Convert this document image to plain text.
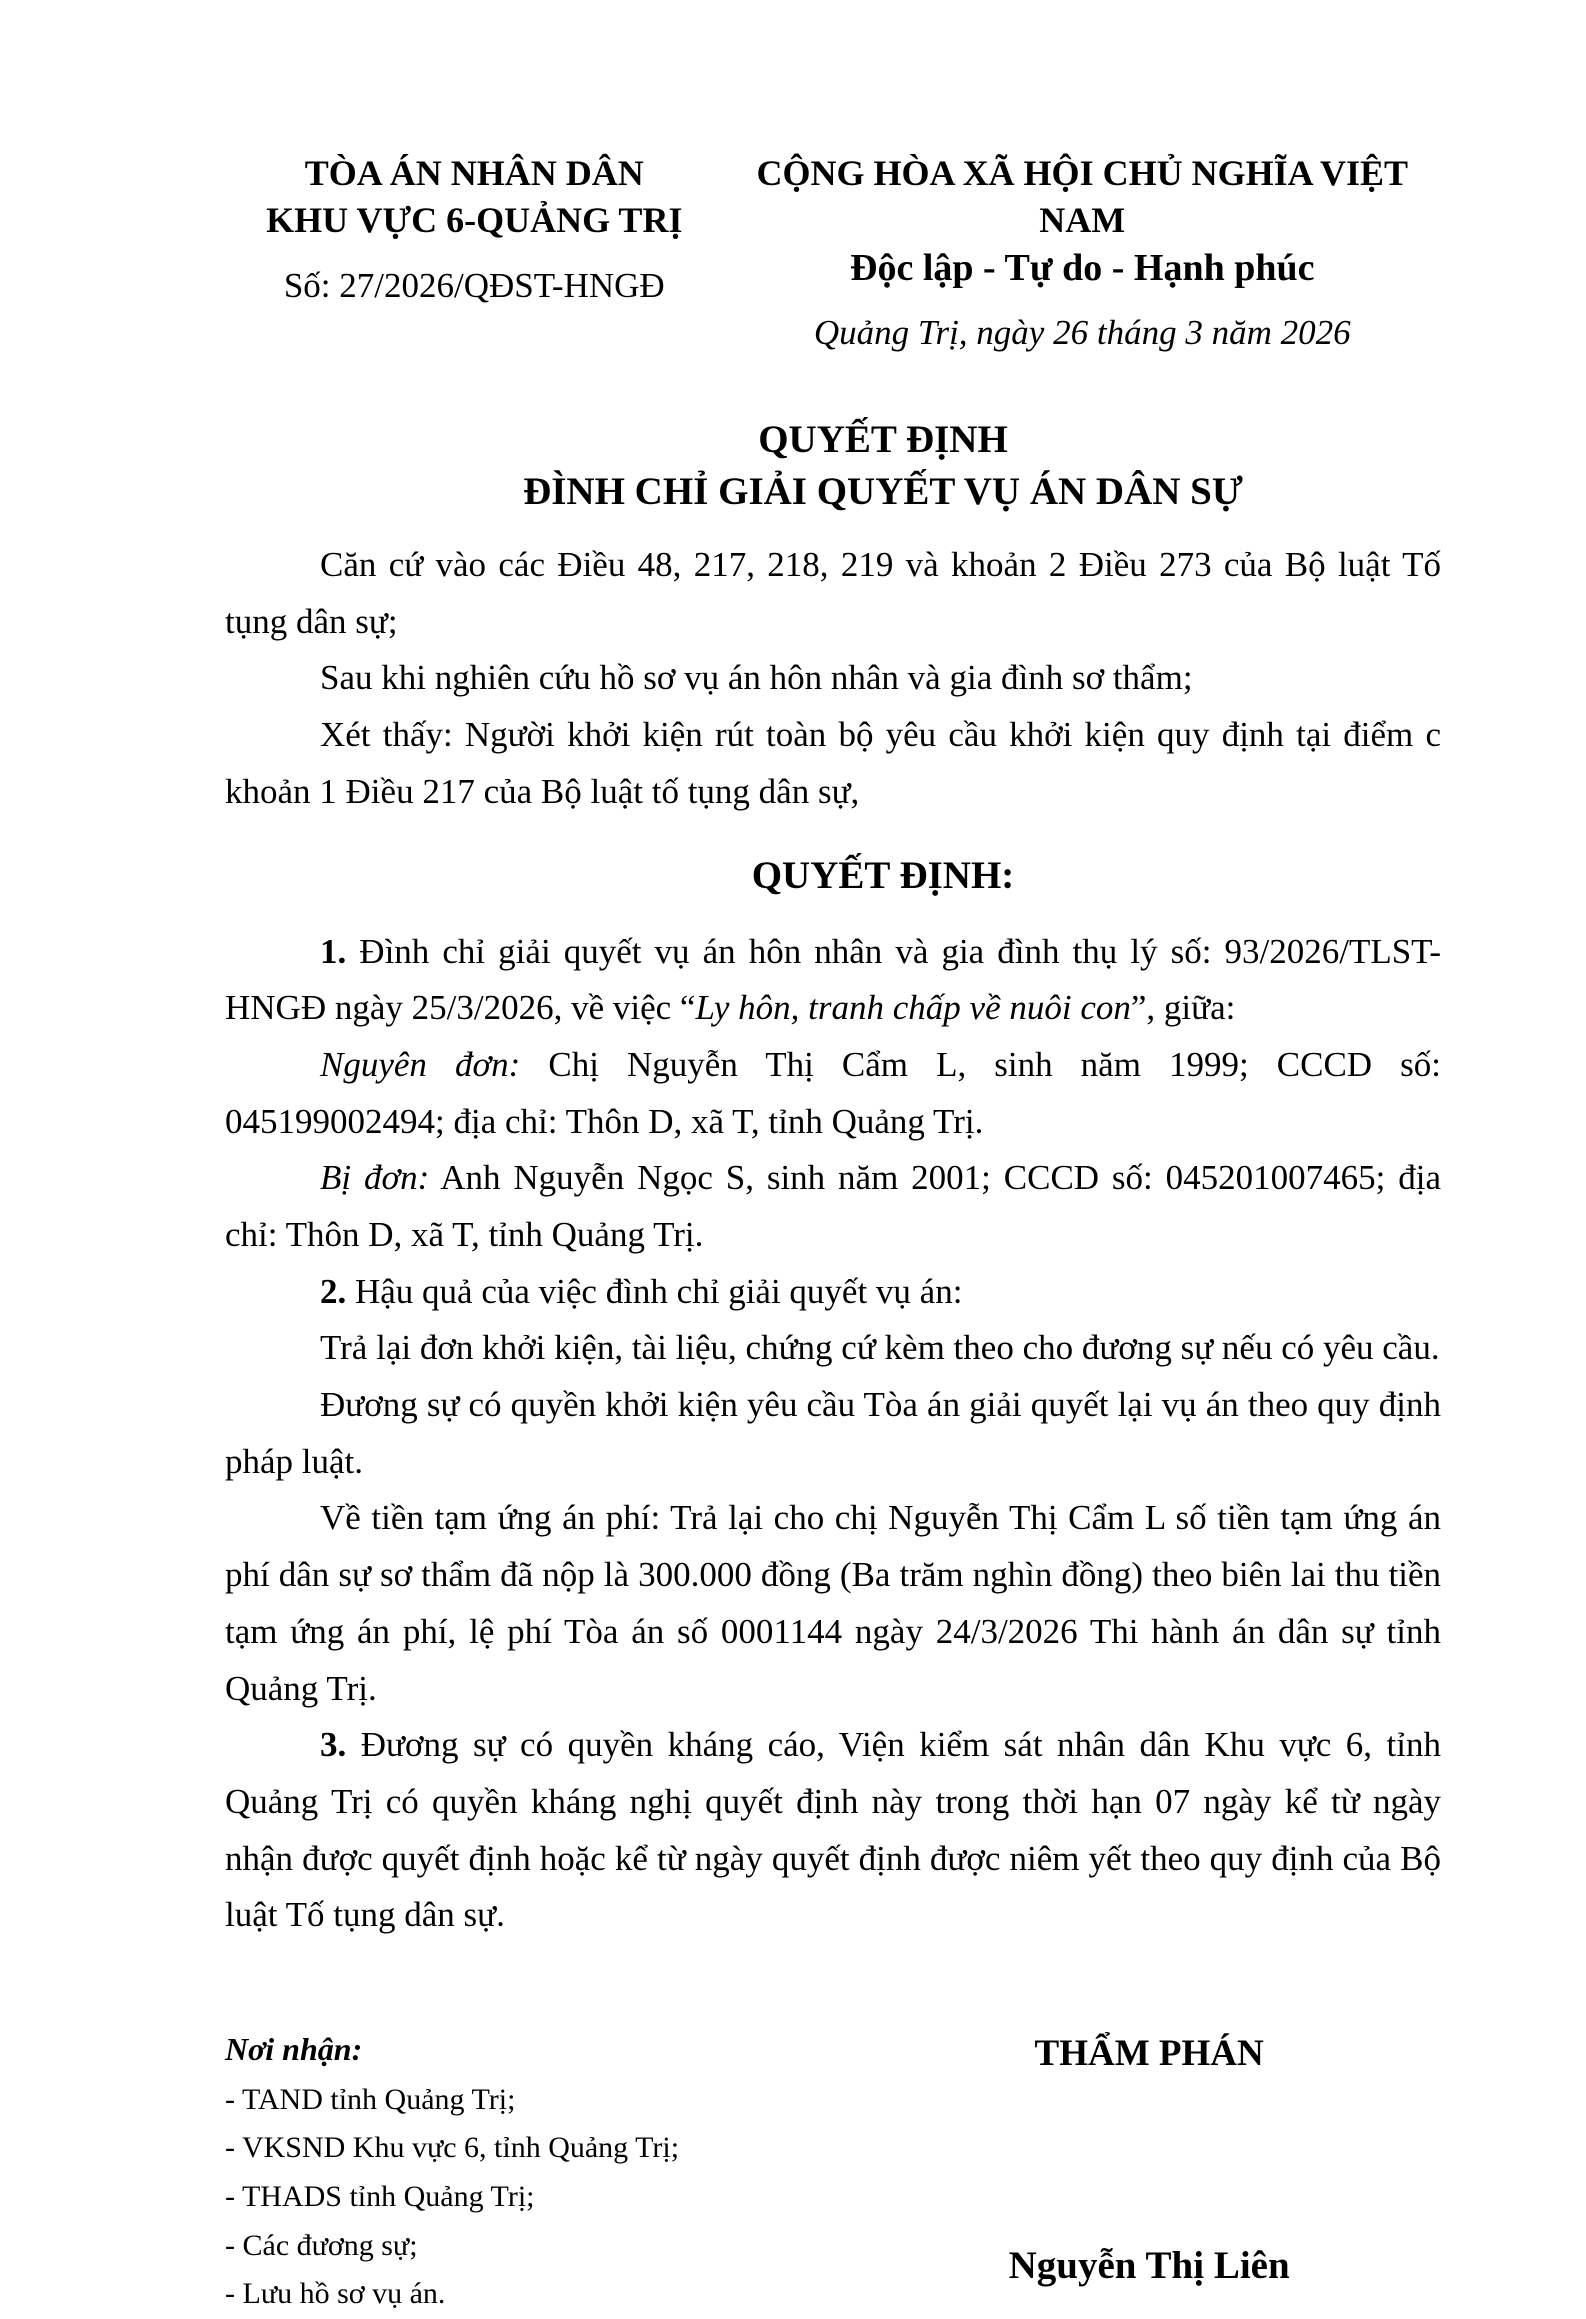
TÒA ÁN NHÂN DÂN
KHU VỰC 6-QUẢNG TRỊ
Số: 27/2026/QĐST-HNGĐ
CỘNG HÒA XÃ HỘI CHỦ NGHĨA VIỆT NAM
Độc lập - Tự do - Hạnh phúc
Quảng Trị, ngày 26 tháng 3 năm 2026
QUYẾT ĐỊNH
ĐÌNH CHỈ GIẢI QUYẾT VỤ ÁN DÂN SỰ

Căn cứ vào các Điều 48, 217, 218, 219 và khoản 2 Điều 273 của Bộ luật Tố tụng dân sự;

Sau khi nghiên cứu hồ sơ vụ án hôn nhân và gia đình sơ thẩm;

Xét thấy: Người khởi kiện rút toàn bộ yêu cầu khởi kiện quy định tại điểm c khoản 1 Điều 217 của Bộ luật tố tụng dân sự,

QUYẾT ĐỊNH:

1. Đình chỉ giải quyết vụ án hôn nhân và gia đình thụ lý số: 93/2026/TLST-HNGĐ ngày 25/3/2026, về việc “Ly hôn, tranh chấp về nuôi con”, giữa:

Nguyên đơn: Chị Nguyễn Thị Cẩm L, sinh năm 1999; CCCD số: 045199002494; địa chỉ: Thôn D, xã T, tỉnh Quảng Trị.

Bị đơn: Anh Nguyễn Ngọc S, sinh năm 2001; CCCD số: 045201007465; địa chỉ: Thôn D, xã T, tỉnh Quảng Trị.

2. Hậu quả của việc đình chỉ giải quyết vụ án:

Trả lại đơn khởi kiện, tài liệu, chứng cứ kèm theo cho đương sự nếu có yêu cầu.

Đương sự có quyền khởi kiện yêu cầu Tòa án giải quyết lại vụ án theo quy định pháp luật.

Về tiền tạm ứng án phí: Trả lại cho chị Nguyễn Thị Cẩm L số tiền tạm ứng án phí dân sự sơ thẩm đã nộp là 300.000 đồng (Ba trăm nghìn đồng) theo biên lai thu tiền tạm ứng án phí, lệ phí Tòa án số 0001144 ngày 24/3/2026 Thi hành án dân sự tỉnh Quảng Trị.

3. Đương sự có quyền kháng cáo, Viện kiểm sát nhân dân Khu vực 6, tỉnh Quảng Trị có quyền kháng nghị quyết định này trong thời hạn 07 ngày kể từ ngày nhận được quyết định hoặc kể từ ngày quyết định được niêm yết theo quy định của Bộ luật Tố tụng dân sự.

Nơi nhận:
- TAND tỉnh Quảng Trị;
- VKSND Khu vực 6, tỉnh Quảng Trị;
- THADS tỉnh Quảng Trị;
- Các đương sự;
- Lưu hồ sơ vụ án.
THẨM PHÁN
Nguyễn Thị Liên
